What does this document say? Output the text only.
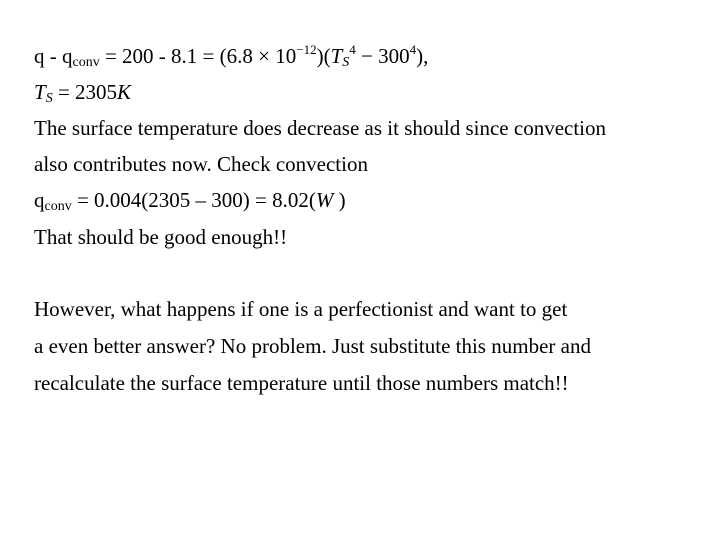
$q - q_{conv} = 200 - 8.1 = (6.8 \times 10^{-12})(T_S^4 - 300^4)$,
$T_S = 2305K$
The surface temperature does decrease as it should since convection
also contributes now. Check convection
$q_{conv} = 0.004(2305 - 300) = 8.02(W$ )
That should be good enough!!
However, what happens if one is a perfectionist and want to get
a even better answer? No problem. Just substitute this number and
recalculate the surface temperature until those numbers match!!
